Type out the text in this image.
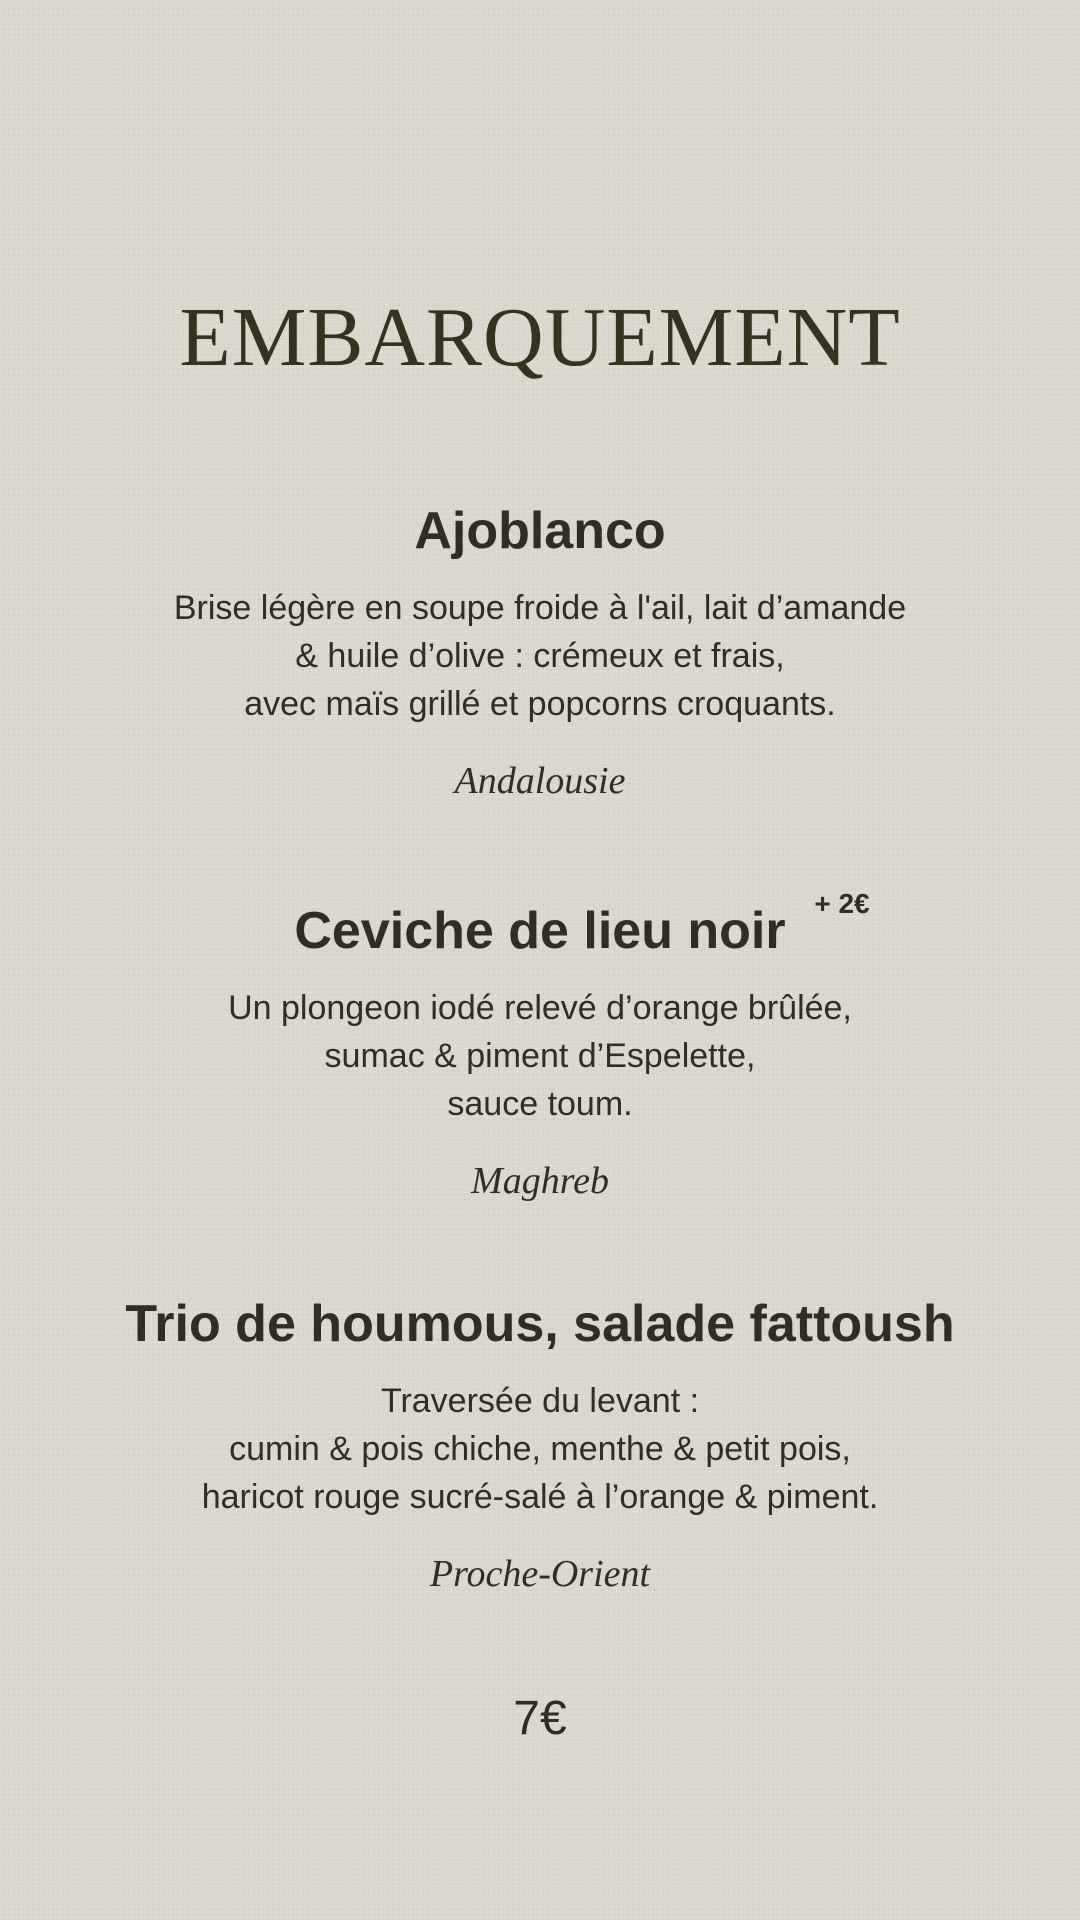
EMBARQUEMENT
Ajoblanco

Brise légère en soupe froide à l'ail, lait d’amande
& huile d’olive : crémeux et frais,
avec maïs grillé et popcorns croquants.

Andalousie

Ceviche de lieu noir + 2€

Un plongeon iodé relevé d’orange brûlée,
sumac & piment d’Espelette,
sauce toum.

Maghreb

Trio de houmous, salade fattoush

Traversée du levant :
cumin & pois chiche, menthe & petit pois,
haricot rouge sucré-salé à l’orange & piment.

Proche-Orient

7€
